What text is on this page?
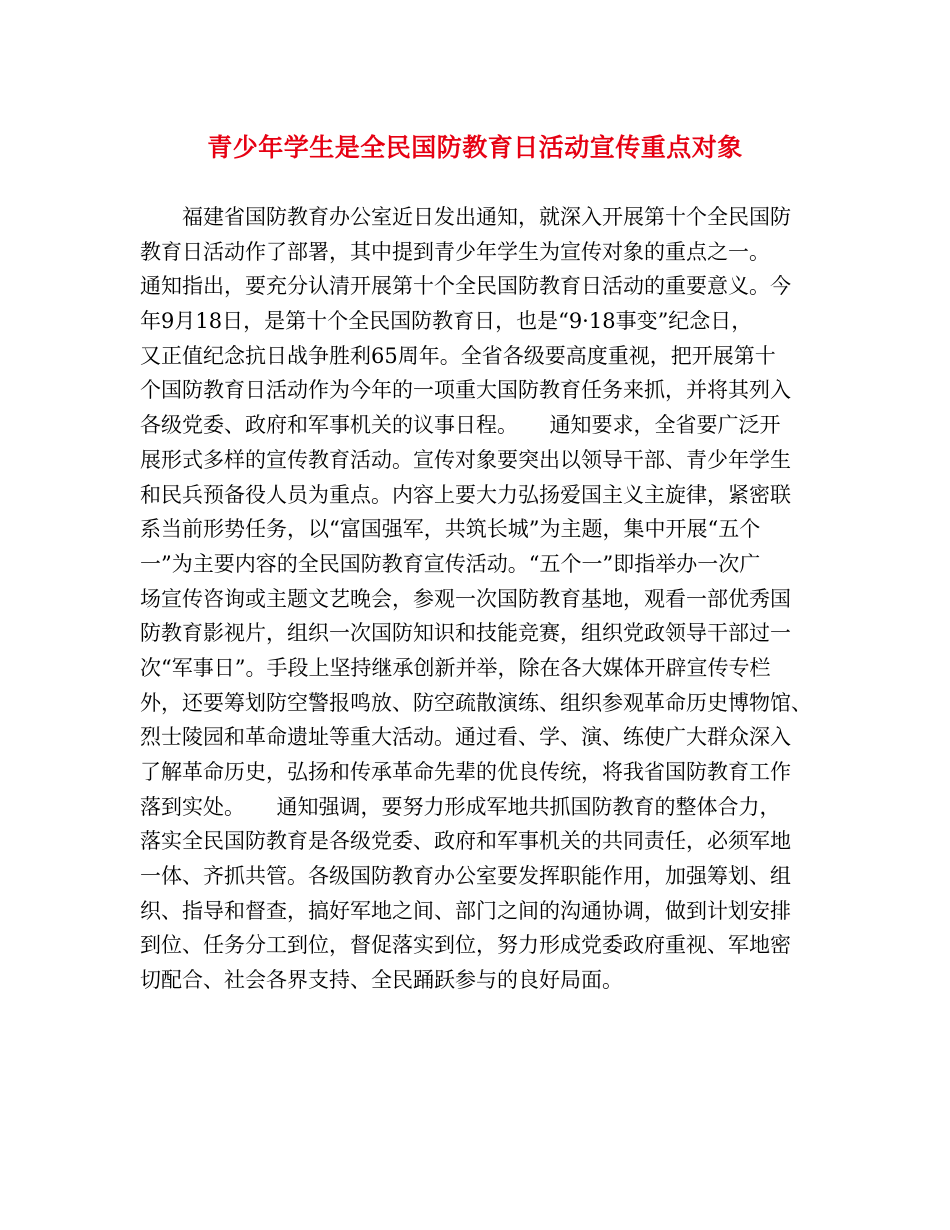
青少年学生是全民国防教育日活动宣传重点对象
　　福建省国防教育办公室近日发出通知，就深入开展第十个全民国防
教育日活动作了部署，其中提到青少年学生为宣传对象的重点之一。
通知指出，要充分认清开展第十个全民国防教育日活动的重要意义。今
年9月18日，是第十个全民国防教育日，也是“9·18事变”纪念日，
又正值纪念抗日战争胜利65周年。全省各级要高度重视，把开展第十
个国防教育日活动作为今年的一项重大国防教育任务来抓，并将其列入
各级党委、政府和军事机关的议事日程。　　通知要求，全省要广泛开
展形式多样的宣传教育活动。宣传对象要突出以领导干部、青少年学生
和民兵预备役人员为重点。内容上要大力弘扬爱国主义主旋律，紧密联
系当前形势任务，以“富国强军，共筑长城”为主题，集中开展“五个
一”为主要内容的全民国防教育宣传活动。“五个一”即指举办一次广
场宣传咨询或主题文艺晚会，参观一次国防教育基地，观看一部优秀国
防教育影视片，组织一次国防知识和技能竞赛，组织党政领导干部过一
次“军事日”。手段上坚持继承创新并举，除在各大媒体开辟宣传专栏
外，还要筹划防空警报鸣放、防空疏散演练、组织参观革命历史博物馆、
烈士陵园和革命遗址等重大活动。通过看、学、演、练使广大群众深入
了解革命历史，弘扬和传承革命先辈的优良传统，将我省国防教育工作
落到实处。　　通知强调，要努力形成军地共抓国防教育的整体合力，
落实全民国防教育是各级党委、政府和军事机关的共同责任，必须军地
一体、齐抓共管。各级国防教育办公室要发挥职能作用，加强筹划、组
织、指导和督查，搞好军地之间、部门之间的沟通协调，做到计划安排
到位、任务分工到位，督促落实到位，努力形成党委政府重视、军地密
切配合、社会各界支持、全民踊跃参与的良好局面。
